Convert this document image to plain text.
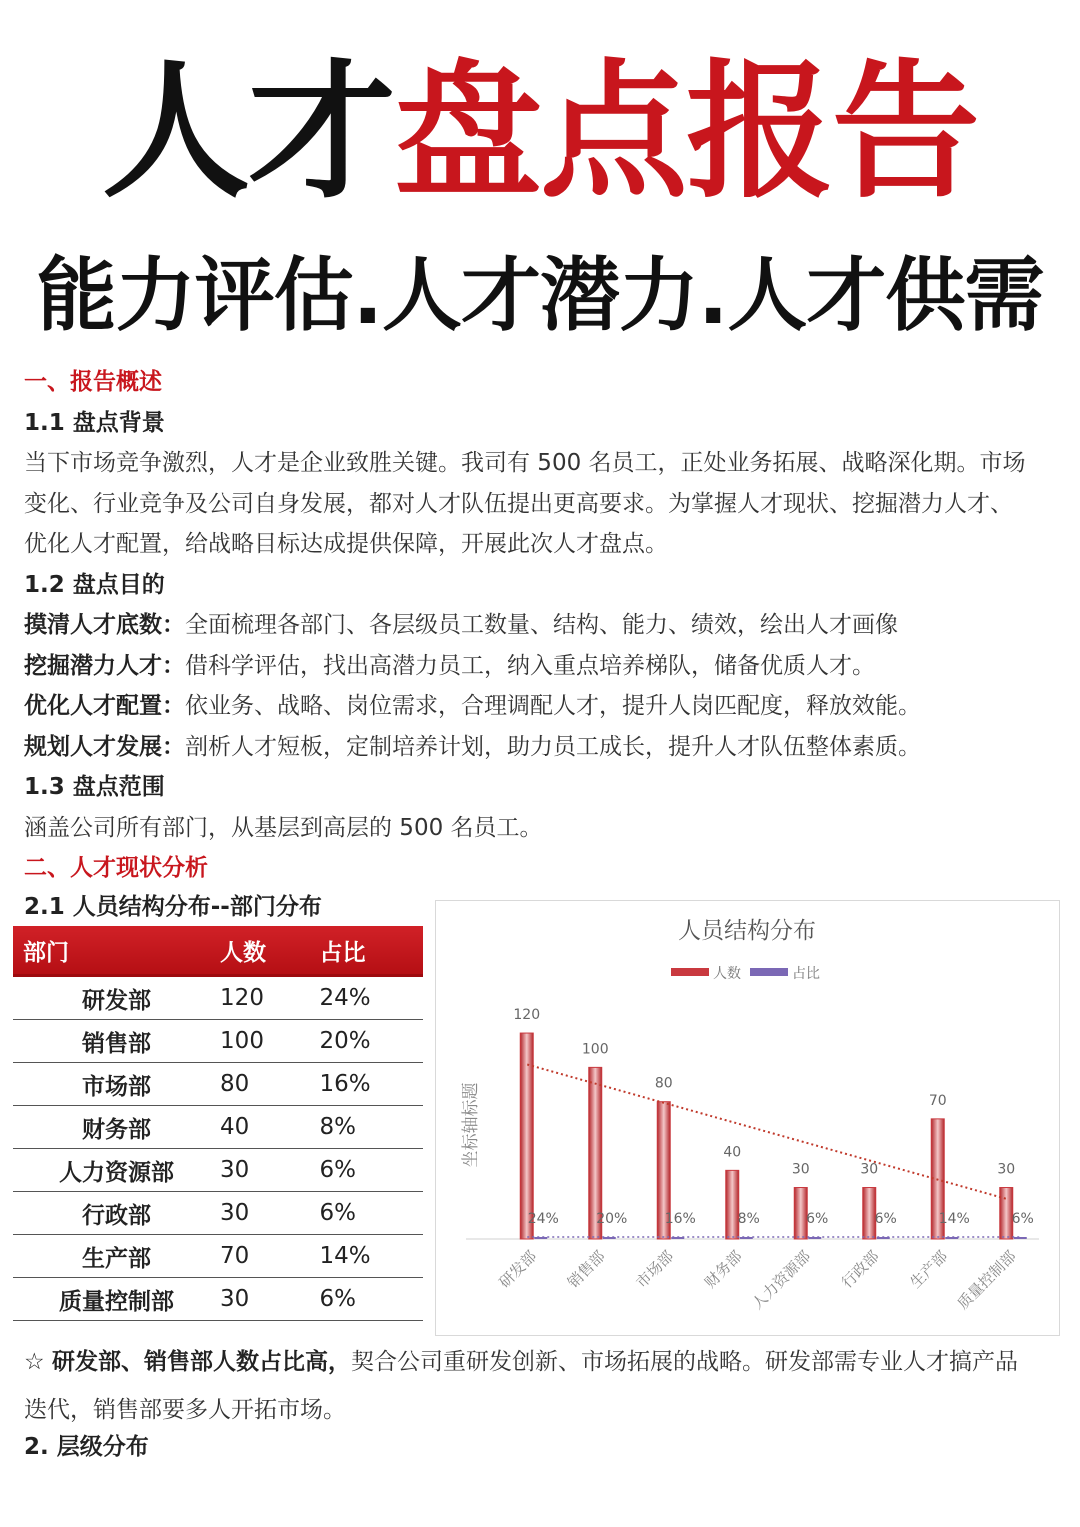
人才盘点报告
能力评估.人才潜力.人才供需
一、报告概述
1.1 盘点背景
当下市场竞争激烈，人才是企业致胜关键。我司有 500 名员工，正处业务拓展、战略深化期。市场
变化、行业竞争及公司自身发展，都对人才队伍提出更高要求。为掌握人才现状、挖掘潜力人才、
优化人才配置，给战略目标达成提供保障，开展此次人才盘点。
1.2 盘点目的
摸清人才底数：全面梳理各部门、各层级员工数量、结构、能力、绩效，绘出人才画像
挖掘潜力人才：借科学评估，找出高潜力员工，纳入重点培养梯队，储备优质人才。
优化人才配置：依业务、战略、岗位需求，合理调配人才，提升人岗匹配度，释放效能。
规划人才发展：剖析人才短板，定制培养计划，助力员工成长，提升人才队伍整体素质。
1.3 盘点范围
涵盖公司所有部门，从基层到高层的 500 名员工。
二、人才现状分析
2.1 人员结构分布--部门分布
部门	人数	占比
研发部	120	24%
销售部	100	20%
市场部	80	16%
财务部	40	8%
人力资源部	30	6%
行政部	30	6%
生产部	70	14%
质量控制部	30	6%
人员结构分布
人数	占比
坐标轴标题
120
24%
研发部
100
20%
销售部
80
16%
市场部
40
8%
财务部
30
6%
人力资源部
30
6%
行政部
70
14%
生产部
30
6%
质量控制部
☆ 研发部、销售部人数占比高，契合公司重研发创新、市场拓展的战略。研发部需专业人才搞产品
迭代，销售部要多人开拓市场。
2. 层级分布
